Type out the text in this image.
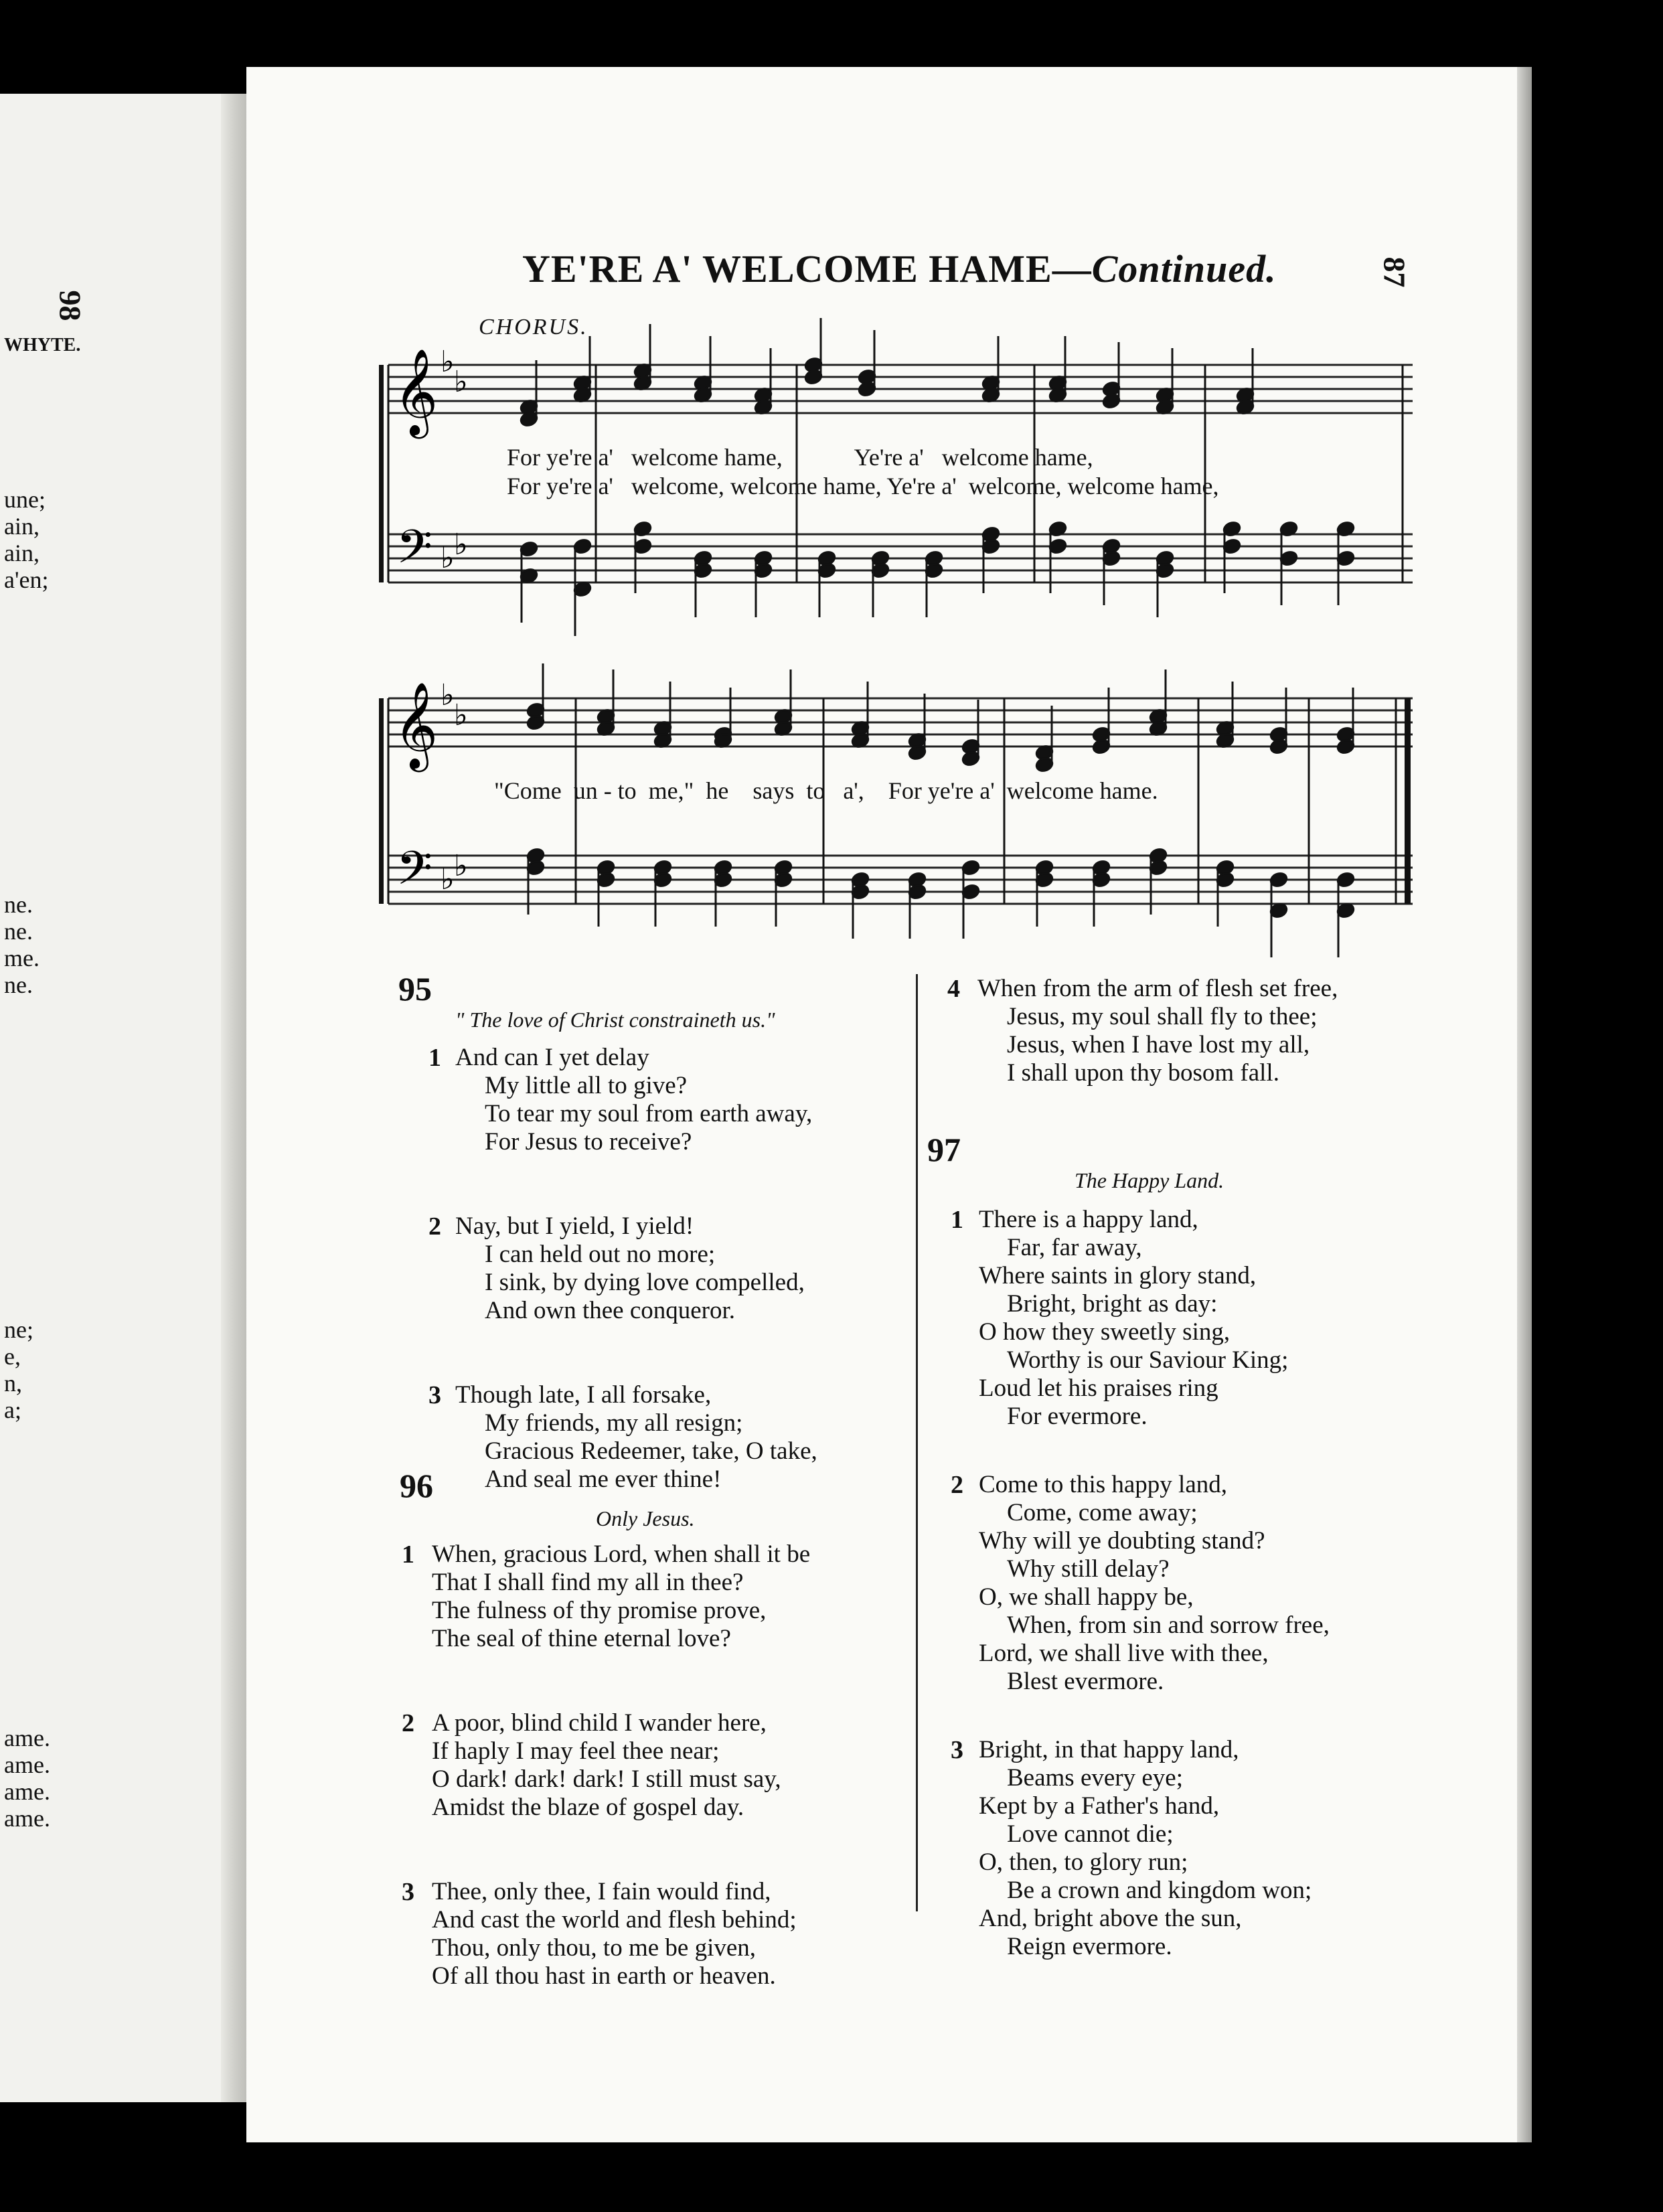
98
WHYTE.
une;
ain,
ain,
a'en;
ne.
ne.
me.
ne.
ne;
e,
n,
a;
ame.
ame.
ame.
ame.
YE'RE A' WELCOME HAME—Continued.	87
CHORUS.
𝄞
𝄢
♭
♭
♭ ♭
𝄞
𝄢
♭
♭
♭ ♭
For ye're a'   welcome hame,            Ye're a'   welcome hame,
For ye're a'   welcome, welcome hame, Ye're a'  welcome, welcome hame,
"Come  un - to  me,"  he    says  to   a',    For ye're a'  welcome hame.
95
" The love of Christ constraineth us."
1 And can I yet delay
My little all to give?
To tear my soul from earth away,
For Jesus to receive?
2 Nay, but I yield, I yield!
I can held out no more;
I sink, by dying love compelled,
And own thee conqueror.
3 Though late, I all forsake,
My friends, my all resign;
Gracious Redeemer, take, O take,
And seal me ever thine!
96
Only Jesus.
1 When, gracious Lord, when shall it be
That I shall find my all in thee?
The fulness of thy promise prove,
The seal of thine eternal love?
2 A poor, blind child I wander here,
If haply I may feel thee near;
O dark! dark! dark! I still must say,
Amidst the blaze of gospel day.
3 Thee, only thee, I fain would find,
And cast the world and flesh behind;
Thou, only thou, to me be given,
Of all thou hast in earth or heaven.
4 When from the arm of flesh set free,
Jesus, my soul shall fly to thee;
Jesus, when I have lost my all,
I shall upon thy bosom fall.
97
The Happy Land.
1 There is a happy land,
Far, far away,
Where saints in glory stand,
Bright, bright as day:
O how they sweetly sing,
Worthy is our Saviour King;
Loud let his praises ring
For evermore.
2 Come to this happy land,
Come, come away;
Why will ye doubting stand?
Why still delay?
O, we shall happy be,
When, from sin and sorrow free,
Lord, we shall live with thee,
Blest evermore.
3 Bright, in that happy land,
Beams every eye;
Kept by a Father's hand,
Love cannot die;
O, then, to glory run;
Be a crown and kingdom won;
And, bright above the sun,
Reign evermore.
